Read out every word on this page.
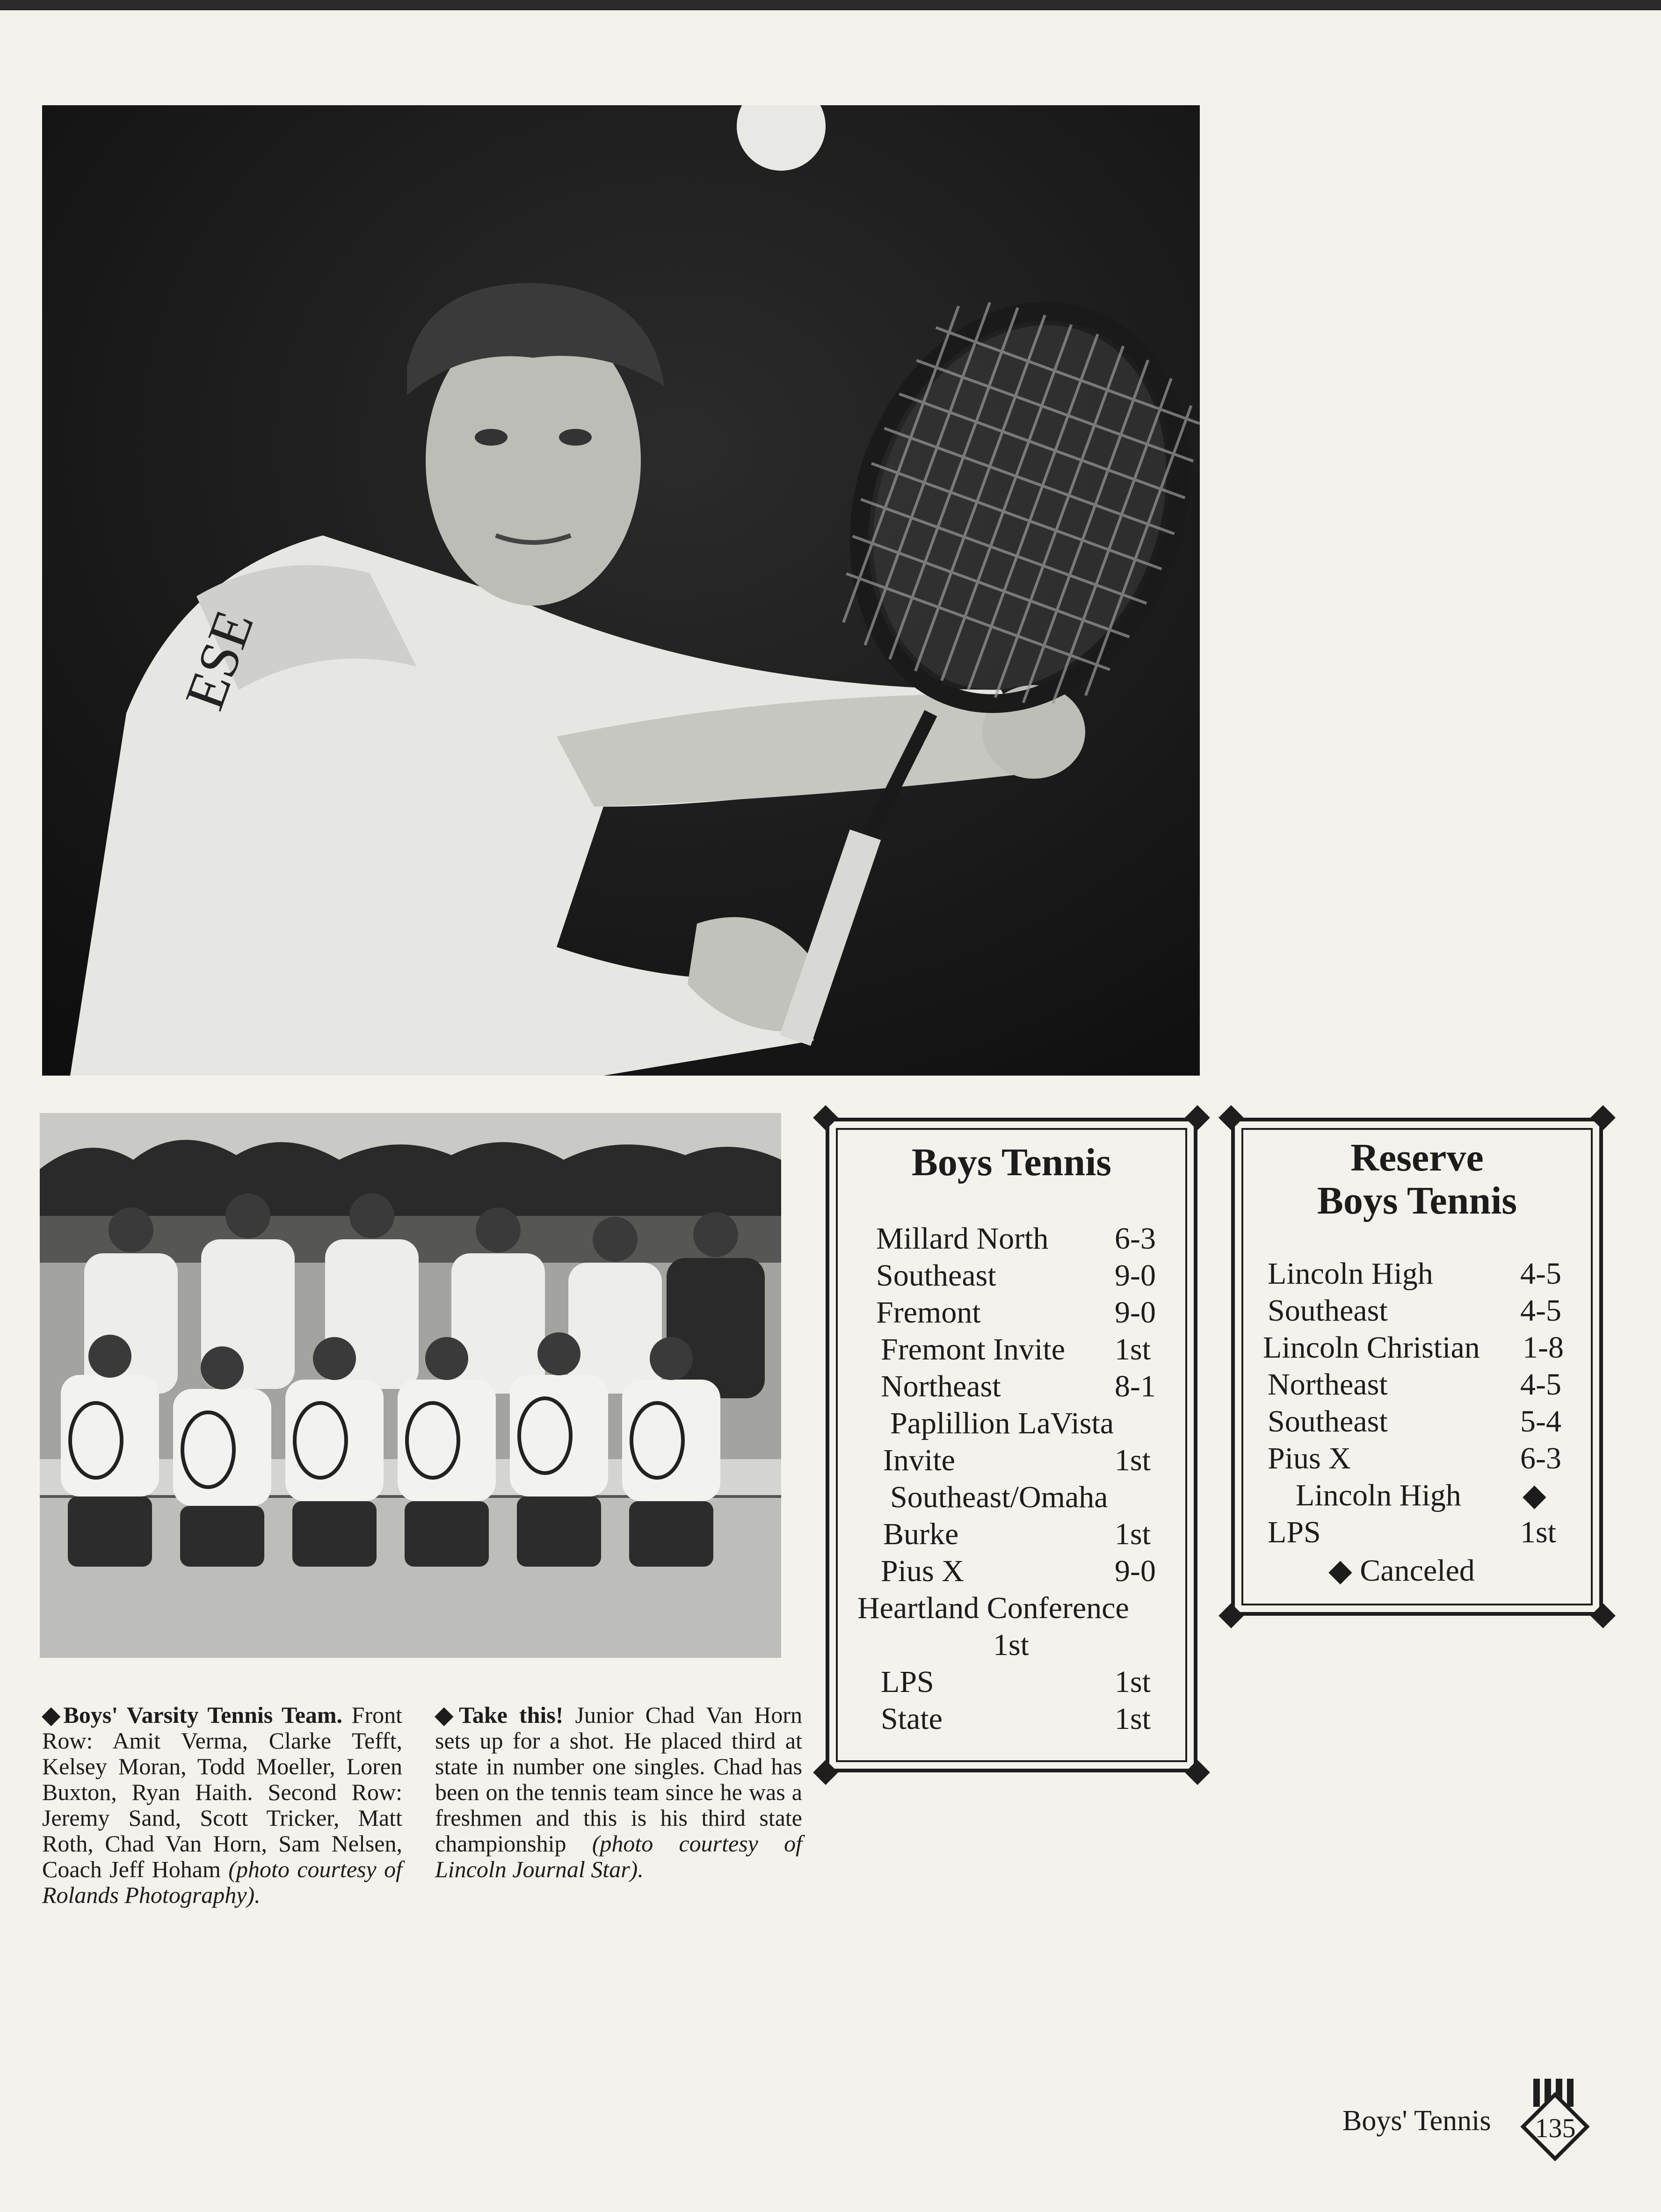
ESE
◆Boys' Varsity Tennis Team. Front Row: Amit Verma, Clarke Tefft, Kelsey Moran, Todd Moeller, Loren Buxton, Ryan Haith. Second Row: Jeremy Sand, Scott Tricker, Matt Roth, Chad Van Horn, Sam Nelsen, Coach Jeff Hoham (photo courtesy of Rolands Photography).
◆Take this! Junior Chad Van Horn sets up for a shot. He placed third at state in number one singles. Chad has been on the tennis team since he was a freshmen and this is his third state championship (photo courtesy of Lincoln Journal Star).
Boys Tennis
Millard North 6-3
Southeast	9-0
Fremont	9-0
Fremont Invite 1st
Northeast	8-1
Paplillion LaVista
Invite	1st
Southeast/Omaha
Burke	1st
Pius X	9-0
Heartland Conference
1st
LPS	1st
State	1st
Reserve
Boys Tennis
Lincoln High	4-5
Southeast	4-5
Lincoln Christian 1-8
Northeast	4-5
Southeast	5-4
Pius X	6-3
Lincoln High ◆
LPS	1st
◆ Canceled
Boys' Tennis	135
